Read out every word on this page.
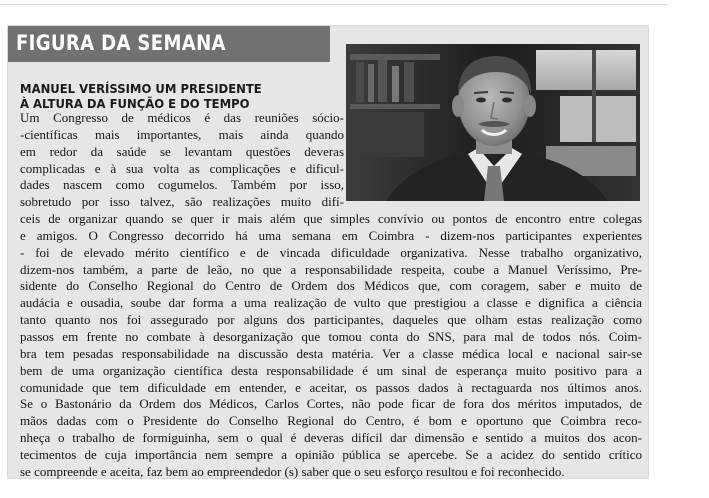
FIGURA DA SEMANA
MANUEL VERÍSSIMO UM PRESIDENTE
À ALTURA DA FUNÇÃO E DO TEMPO
Um Congresso de médicos é das reuniões sócio-
-científicas mais importantes, mais ainda quando
em redor da saúde se levantam questões deveras
complicadas e à sua volta as complicações e dificul-
dades nascem como cogumelos. Também por isso,
sobretudo por isso talvez, são realizações muito difí-
ceis de organizar quando se quer ir mais além que simples convívio ou pontos de encontro entre colegas
e amigos. O Congresso decorrido há uma semana em Coimbra - dizem-nos participantes experientes
- foi de elevado mérito científico e de vincada dificuldade organizativa. Nesse trabalho organizativo,
dizem-nos também, a parte de leão, no que a responsabilidade respeita, coube a Manuel Veríssimo, Pre-
sidente do Conselho Regional do Centro de Ordem dos Médicos que, com coragem, saber e muito de
audácia e ousadia, soube dar forma a uma realização de vulto que prestigiou a classe e dignifica a ciência
tanto quanto nos foi assegurado por alguns dos participantes, daqueles que olham estas realização como
passos em frente no combate à desorganização que tomou conta do SNS, para mal de todos nós. Coim-
bra tem pesadas responsabilidade na discussão desta matéria. Ver a classe médica local e nacional sair-se
bem de uma organização científica desta responsabilidade é um sinal de esperança muito positivo para a
comunidade que tem dificuldade em entender, e aceitar, os passos dados à rectaguarda nos últimos anos.
Se o Bastonário da Ordem dos Médicos, Carlos Cortes, não pode ficar de fora dos méritos imputados, de
mãos dadas com o Presidente do Conselho Regional do Centro, é bom e oportuno que Coimbra reco-
nheça o trabalho de formiguinha, sem o qual é deveras difícil dar dimensão e sentido a muitos dos acon-
tecimentos de cuja importância nem sempre a opinião pública se apercebe. Se a acidez do sentido crítico
se compreende e aceita, faz bem ao empreendedor (s) saber que o seu esforço resultou e foi reconhecido.
